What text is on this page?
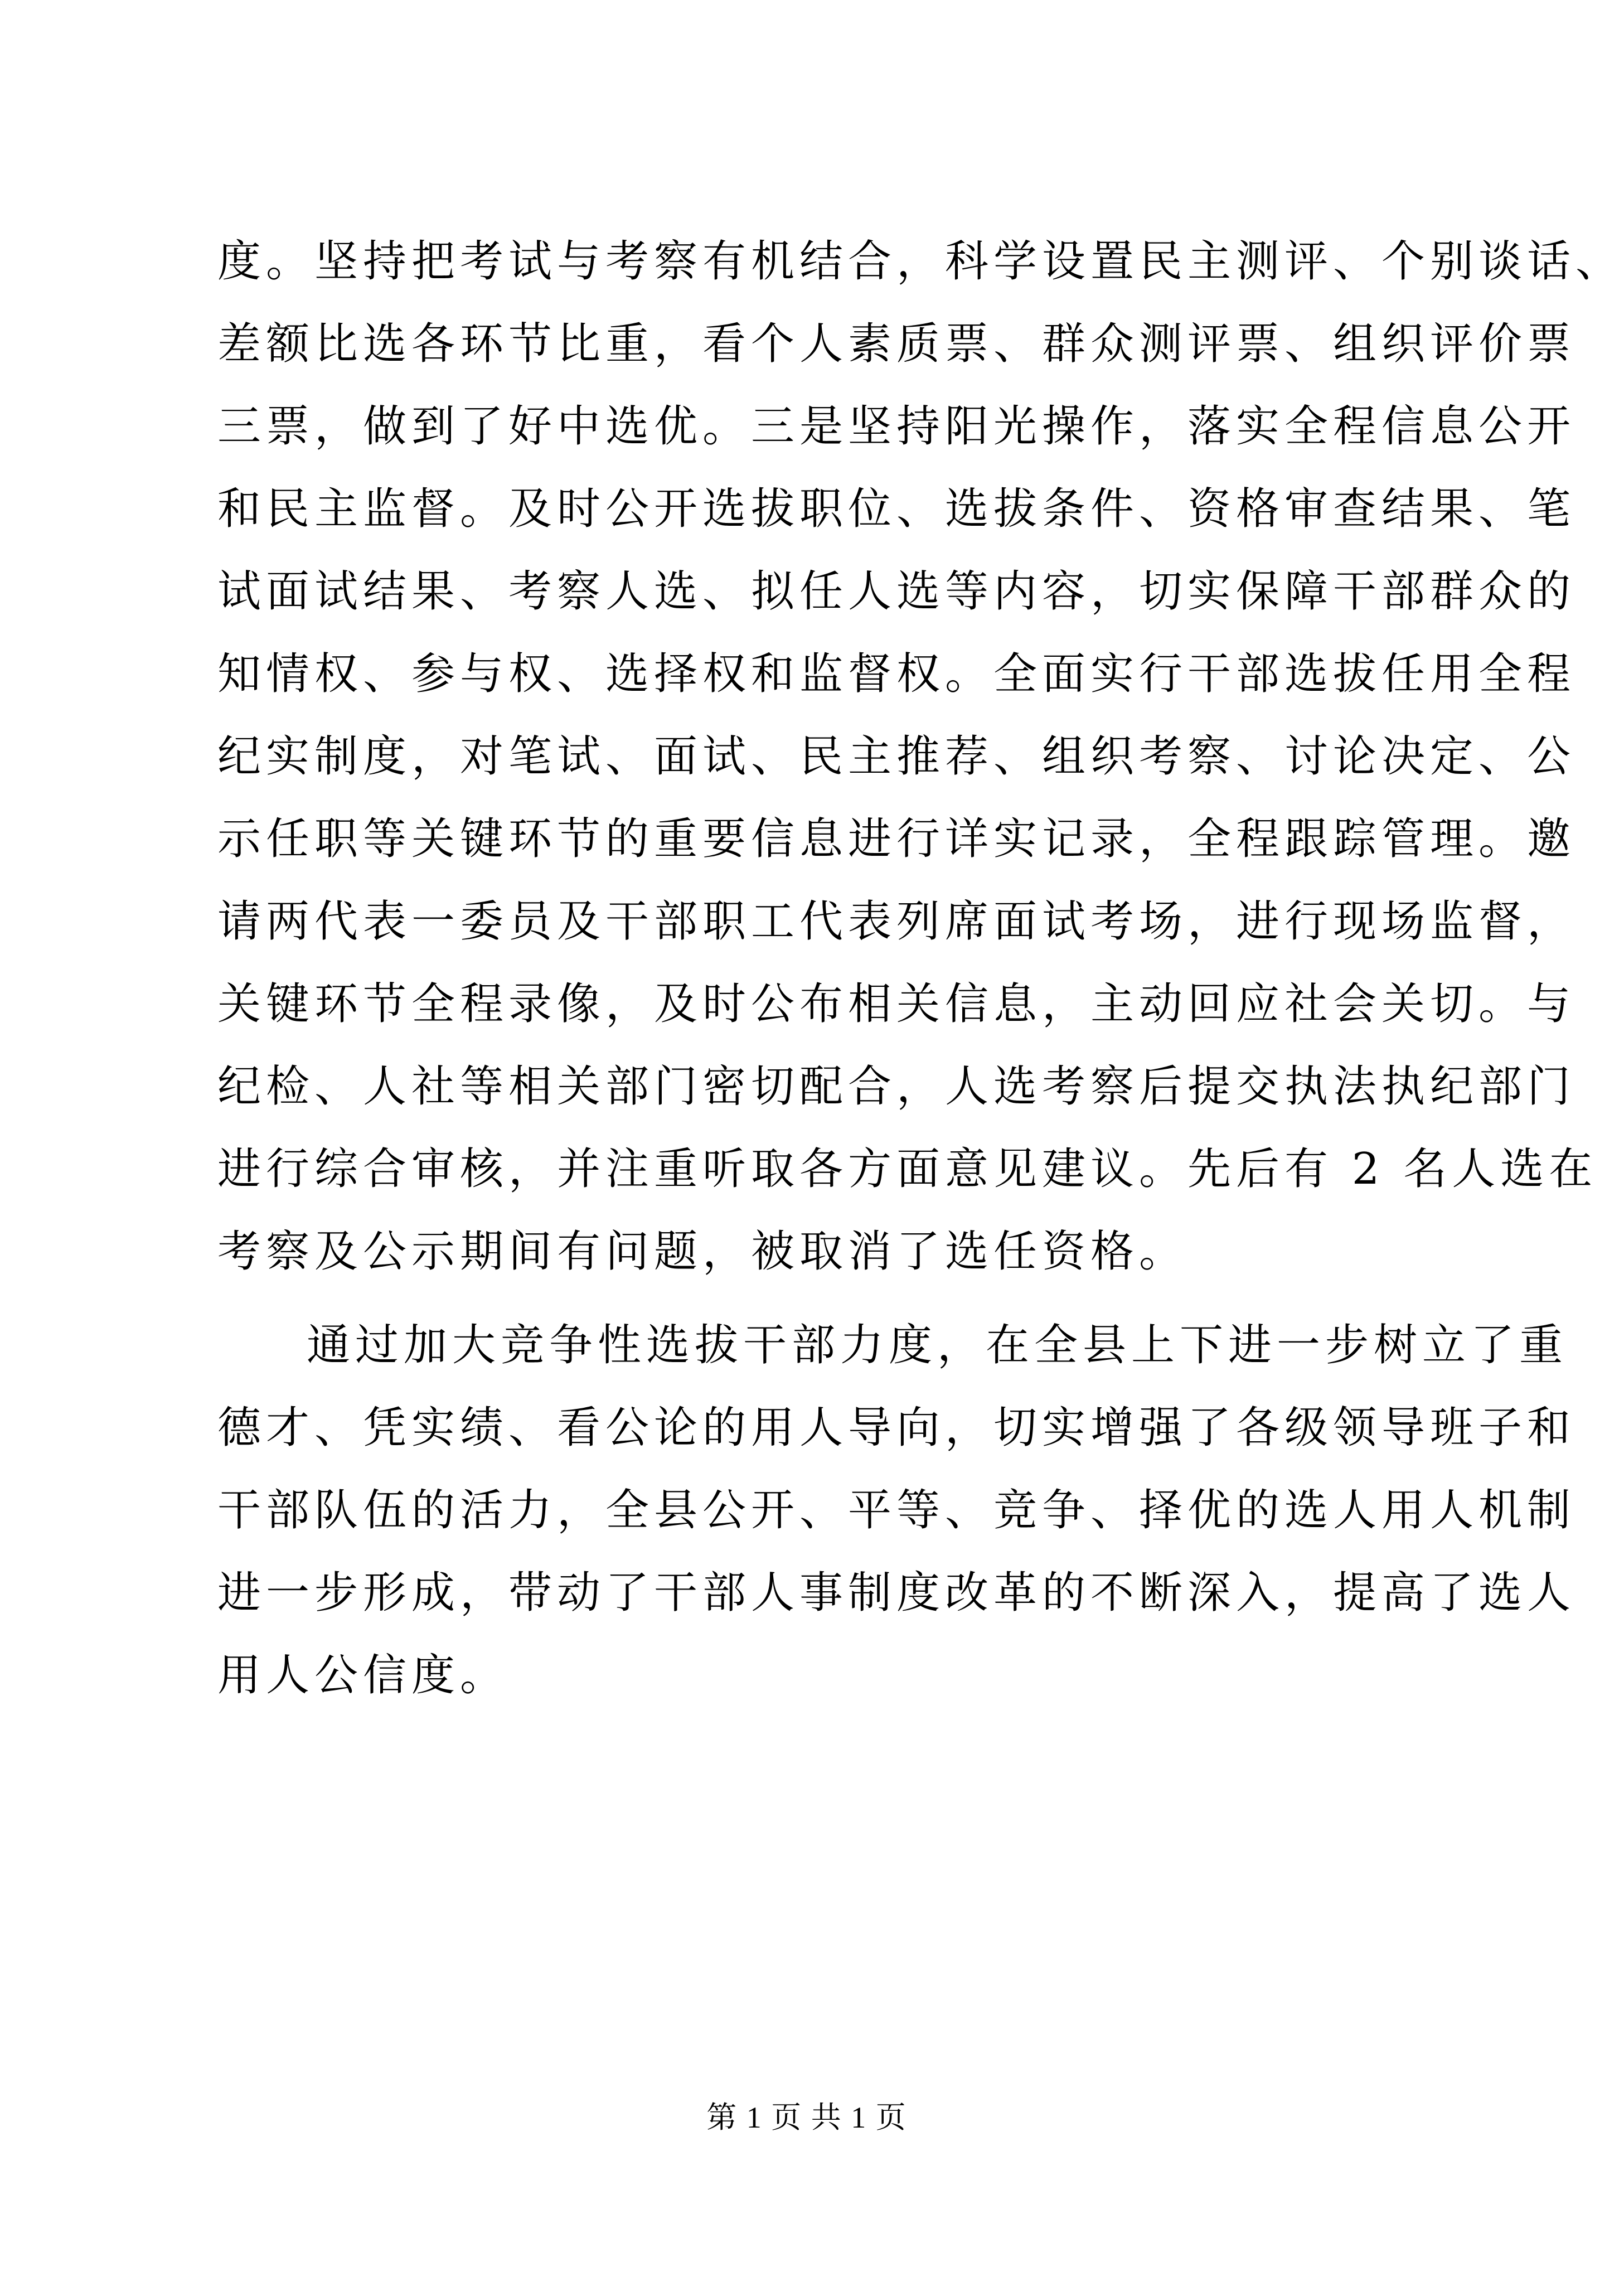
度。坚持把考试与考察有机结合，科学设置民主测评、个别谈话、
差额比选各环节比重，看个人素质票、群众测评票、组织评价票
三票，做到了好中选优。三是坚持阳光操作，落实全程信息公开
和民主监督。及时公开选拔职位、选拔条件、资格审查结果、笔
试面试结果、考察人选、拟任人选等内容，切实保障干部群众的
知情权、参与权、选择权和监督权。全面实行干部选拔任用全程
纪实制度，对笔试、面试、民主推荐、组织考察、讨论决定、公
示任职等关键环节的重要信息进行详实记录，全程跟踪管理。邀
请两代表一委员及干部职工代表列席面试考场，进行现场监督，
关键环节全程录像，及时公布相关信息，主动回应社会关切。与
纪检、人社等相关部门密切配合，人选考察后提交执法执纪部门
进行综合审核，并注重听取各方面意见建议。先后有 2 名人选在
考察及公示期间有问题，被取消了选任资格。
通过加大竞争性选拔干部力度，在全县上下进一步树立了重
德才、凭实绩、看公论的用人导向，切实增强了各级领导班子和
干部队伍的活力，全县公开、平等、竞争、择优的选人用人机制
进一步形成，带动了干部人事制度改革的不断深入，提高了选人
用人公信度。
第 1 页 共 1 页
